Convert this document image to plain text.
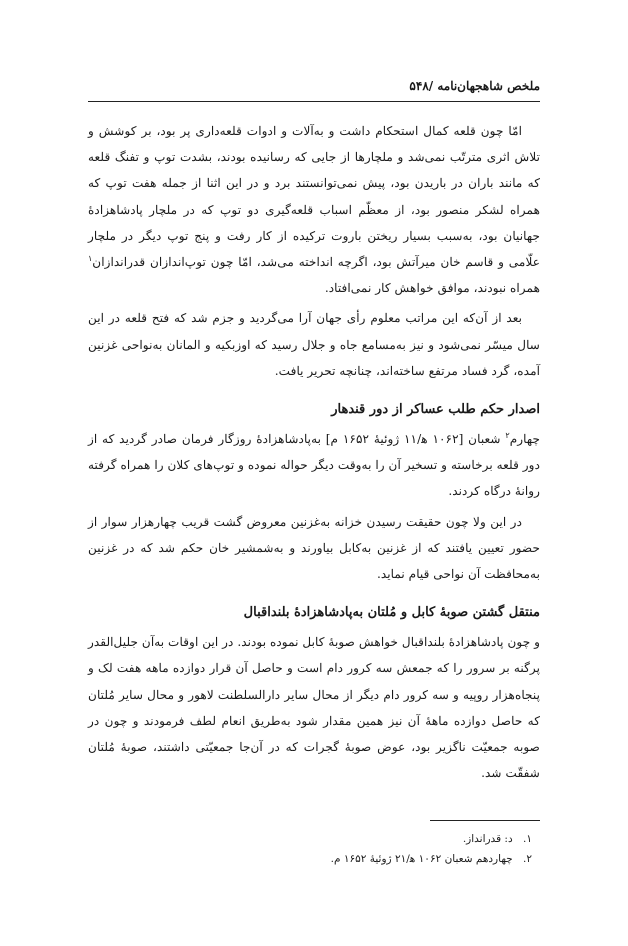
ملخص شاهجهان‌نامه /۵۴۸

امّا چون قلعه کمال استحکام داشت و به‌آلات و ادوات قلعه‌داری پر بود، بر کوشش و تلاش اثری مترتّب نمی‌شد و ملچارها از جایی که رسانیده بودند، بشدت توپ و تفنگ قلعه که مانند باران در باریدن بود، پیش نمی‌توانستند برد و در این اثنا از جمله هفت توپ که همراه لشکر منصور بود، از معظّم اسباب قلعه‌گیری دو توپ که در ملچار پادشاهزادهٔ جهانیان بود، به‌سبب بسیار ریختن باروت ترکیده از کار رفت و پنج توپ دیگر در ملچار علّامی و قاسم خان میرآتش بود، اگرچه انداخته می‌شد، امّا چون توپ‌اندازان قدراندازان$^۱$ همراه نبودند، موافق خواهش کار نمی‌افتاد.

بعد از آن‌که این مراتب معلوم رأی جهان آرا می‌گردید و جزم شد که فتح قلعه در این سال میسّر نمی‌شود و نیز به‌مسامع جاه و جلال رسید که اوزبکیه و المانان به‌نواحی غزنین آمده، گرد فساد مرتفع ساخته‌اند، چنانچه تحریر یافت.

اصدار حکم طلب عساکر از دور قندهار

چهارم$^۲$ شعبان [۱۰۶۲ ه‍/۱۱ ژوئیهٔ ۱۶۵۲ م] به‌پادشاهزادهٔ روزگار فرمان صادر گردید که از دور قلعه برخاسته و تسخیر آن را به‌وقت دیگر حواله نموده و توپ‌های کلان را همراه گرفته روانهٔ درگاه کردند.

در این ولا چون حقیقت رسیدن خزانه به‌غزنین معروض گشت قریب چهارهزار سوار از حضور تعیین یافتند که از غزنین به‌کابل بیاورند و به‌شمشیر خان حکم شد که در غزنین به‌محافظت آن نواحی قیام نماید.

منتقل گشتن صوبهٔ کابل و مُلتان به‌پادشاهزادهٔ بلنداقبال

و چون پادشاهزادهٔ بلنداقبال خواهش صوبهٔ کابل نموده بودند. در این اوقات به‌آن جلیل‌القدر پرگنه بر سرور را که جمعش سه کرور دام است و حاصل آن قرار دوازده ماهه هفت لک و پنجاه‌هزار روپیه و سه کرور دام دیگر از محال سایر دارالسلطنت لاهور و محال سایر مُلتان که حاصل دوازده ماههٔ آن نیز همین مقدار شود به‌طریق انعام لطف فرمودند و چون در صوبه جمعیّت ناگزیر بود، عوض صوبهٔ گجرات که در آن‌جا جمعیّتی داشتند، صوبهٔ مُلتان شفقّت شد.

۱. د: قدرانداز.
۲. چهاردهم شعبان ۱۰۶۲ ه‍/۲۱ ژوئیهٔ ۱۶۵۲ م.
